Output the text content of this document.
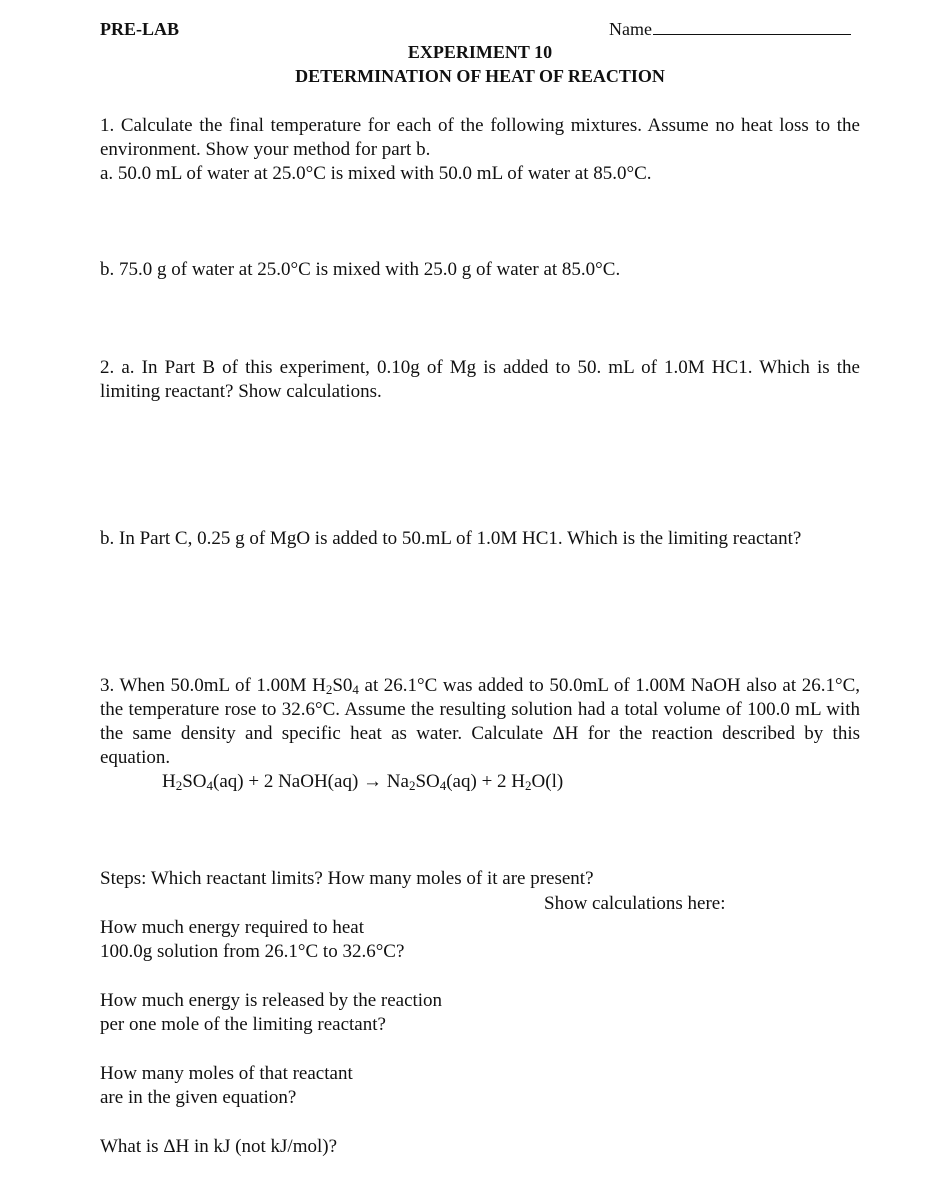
PRE-LAB	Name
EXPERIMENT 10
DETERMINATION OF HEAT OF REACTION
1. Calculate the final temperature for each of the following mixtures. Assume no heat loss to the environment. Show your method for part b.
a. 50.0 mL of water at 25.0°C is mixed with 50.0 mL of water at 85.0°C.
b. 75.0 g of water at 25.0°C is mixed with 25.0 g of water at 85.0°C.
2. a. In Part B of this experiment, 0.10g of Mg is added to 50. mL of 1.0M HC1. Which is the limiting reactant? Show calculations.
b. In Part C, 0.25 g of MgO is added to 50.mL of 1.0M HC1. Which is the limiting reactant?
3. When 50.0mL of 1.00M $H_2S0_4$ at 26.1°C was added to 50.0mL of 1.00M NaOH also at 26.1°C, the temperature rose to 32.6°C. Assume the resulting solution had a total volume of 100.0 mL with the same density and specific heat as water. Calculate ΔH for the reaction described by this equation.
$H_2SO_4(aq) + 2$ NaOH(aq) → $Na_2SO_4(aq) + 2$ $H_2O(l)$
Steps: Which reactant limits? How many moles of it are present?
Show calculations here:
How much energy required to heat
100.0g solution from 26.1°C to 32.6°C?
How much energy is released by the reaction
per one mole of the limiting reactant?
How many moles of that reactant
are in the given equation?
What is ΔH in kJ (not kJ/mol)?
